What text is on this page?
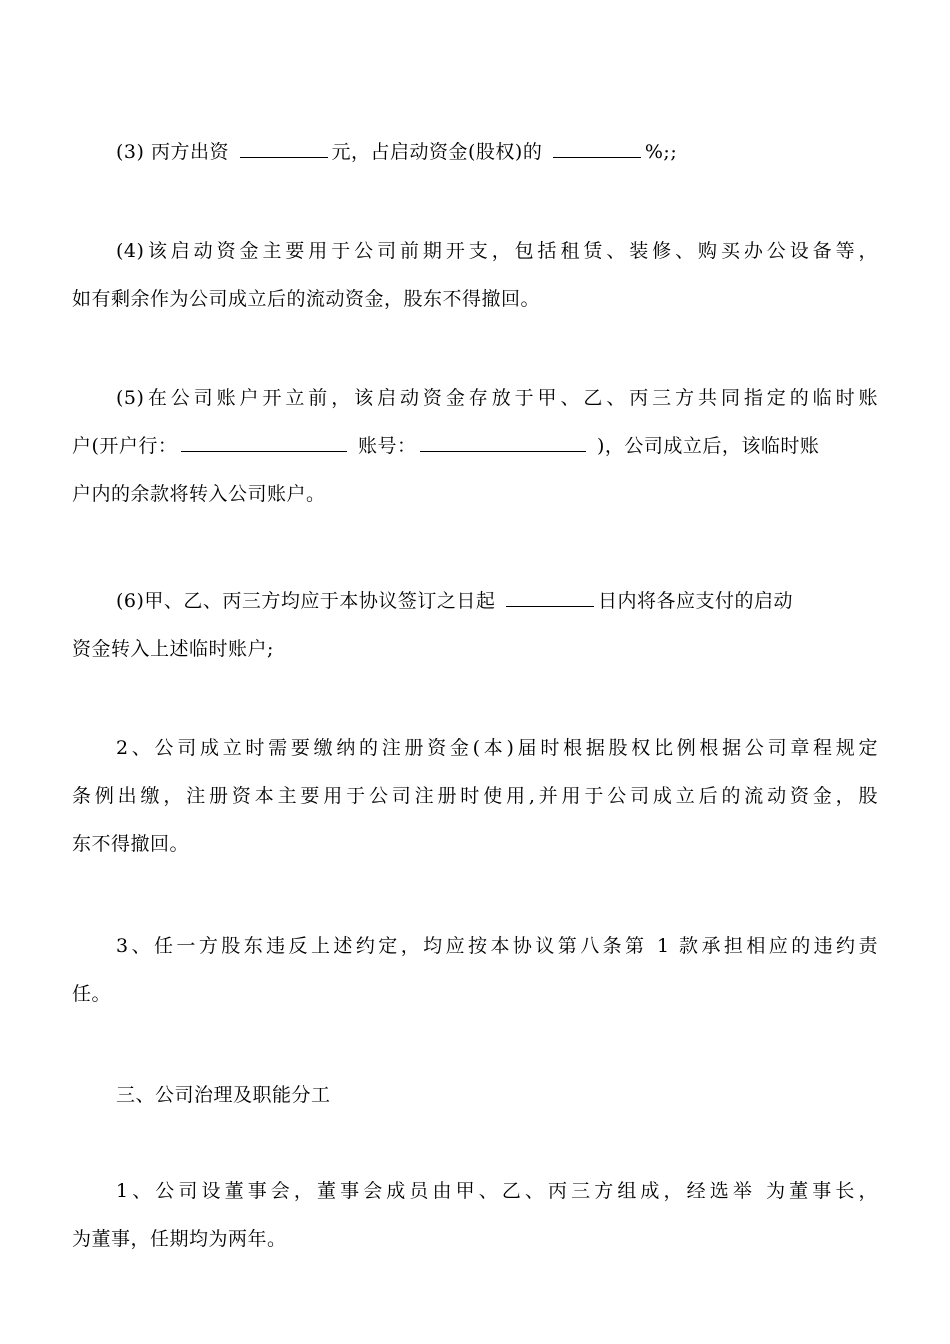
(3) 丙方出资	元，占启动资金(股权)的	%;;
(4)该启动资金主要用于公司前期开支，包括租赁、装修、购买办公设备等，
如有剩余作为公司成立后的流动资金，股东不得撤回。
(5)在公司账户开立前，该启动资金存放于甲、乙、丙三方共同指定的临时账
户(开户行：	账号：	)，公司成立后，该临时账
户内的余款将转入公司账户。
(6)甲、乙、丙三方均应于本协议签订之日起	日内将各应支付的启动
资金转入上述临时账户;
2、公司成立时需要缴纳的注册资金(本)届时根据股权比例根据公司章程规定
条例出缴，注册资本主要用于公司注册时使用,并用于公司成立后的流动资金，股
东不得撤回。
3、任一方股东违反上述约定，均应按本协议第八条第 1 款承担相应的违约责
任。
三、公司治理及职能分工
1、公司设董事会，董事会成员由甲、乙、丙三方组成，经选举 为董事长，
为董事，任期均为两年。
